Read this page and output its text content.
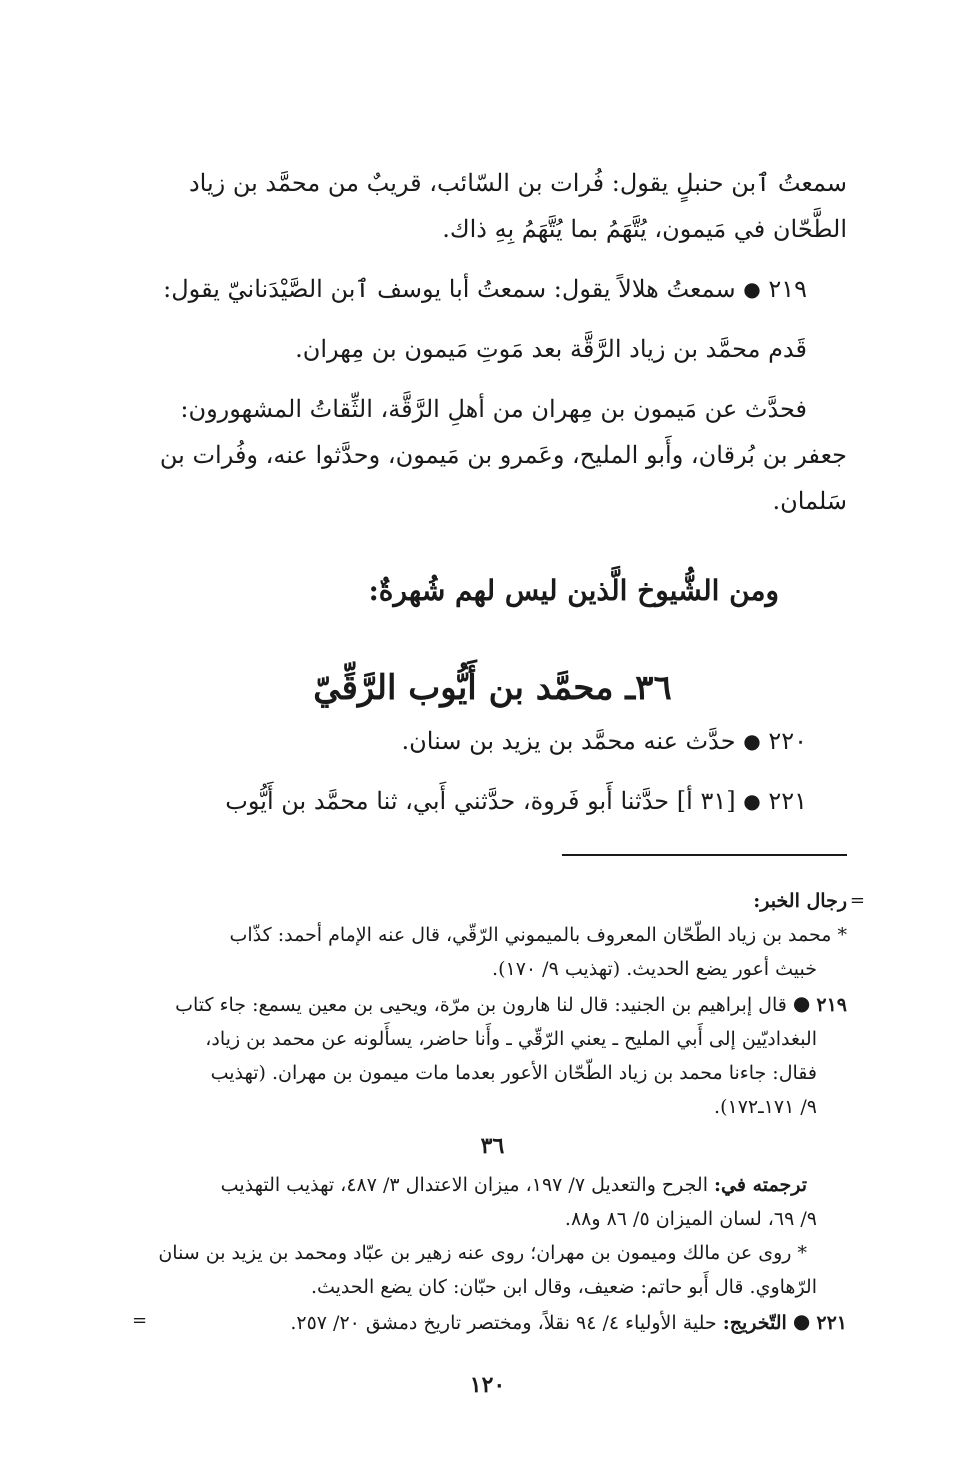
سمعتُ ٱبن حنبلٍ يقول: فُرات بن السّائب، قريبٌ من محمَّد بن زياد

الطَّحّان في مَيمون، يُتَّهَمُ بما يُتَّهَمُ بِهِ ذاك.

٢١٩ ● سمعتُ هلالاً يقول: سمعتُ أبا يوسف ٱبن الصَّيْدَنانيّ يقول:

قَدم محمَّد بن زياد الرَّقَّة بعد مَوتِ مَيمون بن مِهران.

فحدَّث عن مَيمون بن مِهران من أهلِ الرَّقَّة، الثِّقاتُ المشهورون:

جعفر بن بُرقان، وأَبو المليح، وعَمرو بن مَيمون، وحدَّثوا عنه، وفُرات بن

سَلمان.

ومن الشُّيوخ الَّذين ليس لهم شُهرةٌ:
٣٦ـ محمَّد بن أَيُّوب الرَّقِّيّ

٢٢٠ ● حدَّث عنه محمَّد بن يزيد بن سنان.

٢٢١ ● [٣١ أ] حدَّثنا أَبو فَروة، حدَّثني أَبي، ثنا محمَّد بن أَيُّوب

=

رجال الخبر:

* محمد بن زياد الطّحّان المعروف بالميموني الرّقّي، قال عنه الإمام أحمد: كذّاب

خبيث أعور يضع الحديث. (تهذيب ٩/ ١٧٠).

٢١٩ ● قال إبراهيم بن الجنيد: قال لنا هارون بن مرّة، ويحيى بن معين يسمع: جاء كتاب

البغداديّين إلى أَبي المليح ـ يعني الرّقّي ـ وأَنا حاضر، يسأَلونه عن محمد بن زياد،

فقال: جاءنا محمد بن زياد الطّحّان الأعور بعدما مات ميمون بن مهران. (تهذيب

٩/ ١٧١ـ١٧٢).

٣٦

ترجمته في: الجرح والتعديل ٧/ ١٩٧، ميزان الاعتدال ٣/ ٤٨٧، تهذيب التهذيب

٩/ ٦٩، لسان الميزان ٥/ ٨٦ و٨٨.

* روى عن مالك وميمون بن مهران؛ روى عنه زهير بن عبّاد ومحمد بن يزيد بن سنان

الرّهاوي. قال أَبو حاتم: ضعيف، وقال ابن حبّان: كان يضع الحديث.

=	٢٢١ ● التّخريج: حلية الأولياء ٤/ ٩٤ نقلاً، ومختصر تاريخ دمشق ٢٠/ ٢٥٧.

١٢٠
